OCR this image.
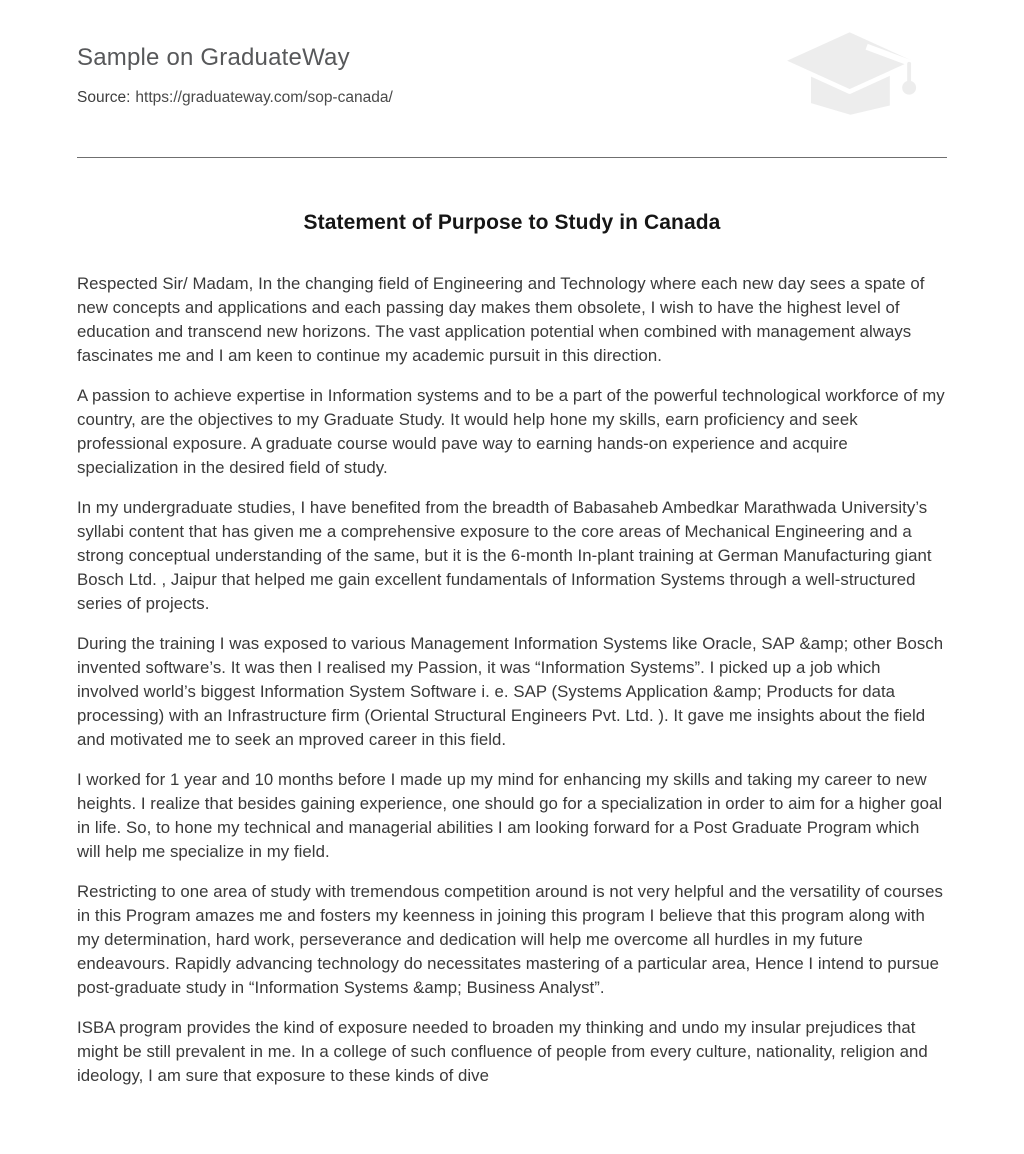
Sample on GraduateWay

Source: https://graduateway.com/sop-canada/

Statement of Purpose to Study in Canada

Respected Sir/ Madam, In the changing field of Engineering and Technology where each new day sees a spate of new concepts and applications and each passing day makes them obsolete, I wish to have the highest level of education and transcend new horizons. The vast application potential when combined with management always fascinates me and I am keen to continue my academic pursuit in this direction.

A passion to achieve expertise in Information systems and to be a part of the powerful technological workforce of my country, are the objectives to my Graduate Study. It would help hone my skills, earn proficiency and seek professional exposure. A graduate course would pave way to earning hands-on experience and acquire specialization in the desired field of study.

In my undergraduate studies, I have benefited from the breadth of Babasaheb Ambedkar Marathwada University’s syllabi content that has given me a comprehensive exposure to the core areas of Mechanical Engineering and a strong conceptual understanding of the same, but it is the 6-month In-plant training at German Manufacturing giant Bosch Ltd. , Jaipur that helped me gain excellent fundamentals of Information Systems through a well-structured series of projects.

During the training I was exposed to various Management Information Systems like Oracle, SAP &amp; other Bosch invented software’s. It was then I realised my Passion, it was “Information Systems”. I picked up a job which involved world’s biggest Information System Software i. e. SAP (Systems Application &amp; Products for data processing) with an Infrastructure firm (Oriental Structural Engineers Pvt. Ltd. ). It gave me insights about the field and motivated me to seek an mproved career in this field.

I worked for 1 year and 10 months before I made up my mind for enhancing my skills and taking my career to new heights. I realize that besides gaining experience, one should go for a specialization in order to aim for a higher goal in life. So, to hone my technical and managerial abilities I am looking forward for a Post Graduate Program which will help me specialize in my field.

Restricting to one area of study with tremendous competition around is not very helpful and the versatility of courses in this Program amazes me and fosters my keenness in joining this program I believe that this program along with my determination, hard work, perseverance and dedication will help me overcome all hurdles in my future endeavours. Rapidly advancing technology do necessitates mastering of a particular area, Hence I intend to pursue post-graduate study in “Information Systems &amp; Business Analyst”.

ISBA program provides the kind of exposure needed to broaden my thinking and undo my insular prejudices that might be still prevalent in me. In a college of such confluence of people from every culture, nationality, religion and ideology, I am sure that exposure to these kinds of dive
